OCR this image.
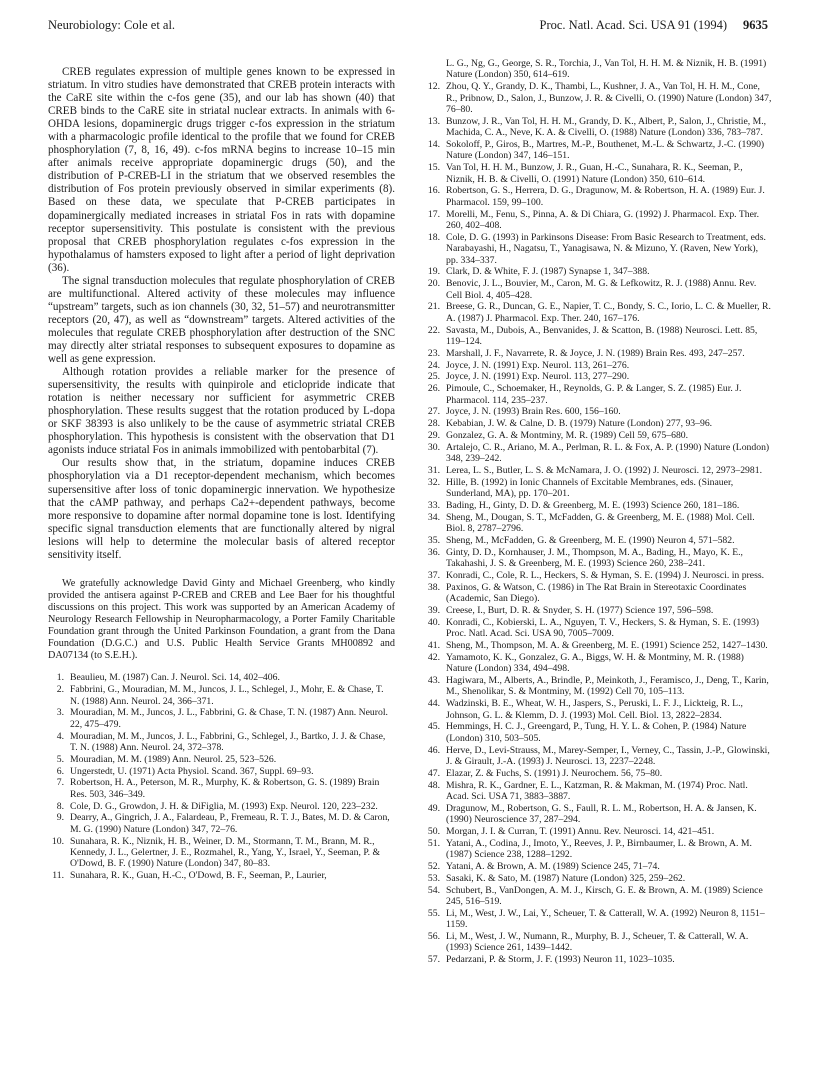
Neurobiology: Cole et al.	Proc. Natl. Acad. Sci. USA 91 (1994) 9635

CREB regulates expression of multiple genes known to be expressed in striatum. In vitro studies have demonstrated that CREB protein interacts with the CaRE site within the c-fos gene (35), and our lab has shown (40) that CREB binds to the CaRE site in striatal nuclear extracts. In animals with 6-OHDA lesions, dopaminergic drugs trigger c-fos expression in the striatum with a pharmacologic profile identical to the profile that we found for CREB phosphorylation (7, 8, 16, 49). c-fos mRNA begins to increase 10–15 min after animals receive appropriate dopaminergic drugs (50), and the distribution of P-CREB-LI in the striatum that we observed resembles the distribution of Fos protein previously observed in similar experiments (8). Based on these data, we speculate that P-CREB participates in dopaminergically mediated increases in striatal Fos in rats with dopamine receptor supersensitivity. This postulate is consistent with the previous proposal that CREB phosphorylation regulates c-fos expression in the hypothalamus of hamsters exposed to light after a period of light deprivation (36).

The signal transduction molecules that regulate phosphorylation of CREB are multifunctional. Altered activity of these molecules may influence “upstream” targets, such as ion channels (30, 32, 51–57) and neurotransmitter receptors (20, 47), as well as “downstream” targets. Altered activities of the molecules that regulate CREB phosphorylation after destruction of the SNC may directly alter striatal responses to subsequent exposures to dopamine as well as gene expression.

Although rotation provides a reliable marker for the presence of supersensitivity, the results with quinpirole and eticlopride indicate that rotation is neither necessary nor sufficient for asymmetric CREB phosphorylation. These results suggest that the rotation produced by L-dopa or SKF 38393 is also unlikely to be the cause of asymmetric striatal CREB phosphorylation. This hypothesis is consistent with the observation that D1 agonists induce striatal Fos in animals immobilized with pentobarbital (7).

Our results show that, in the striatum, dopamine induces CREB phosphorylation via a D1 receptor-dependent mechanism, which becomes supersensitive after loss of tonic dopaminergic innervation. We hypothesize that the cAMP pathway, and perhaps Ca2+-dependent pathways, become more responsive to dopamine after normal dopamine tone is lost. Identifying specific signal transduction elements that are functionally altered by nigral lesions will help to determine the molecular basis of altered receptor sensitivity itself.

We gratefully acknowledge David Ginty and Michael Greenberg, who kindly provided the antisera against P-CREB and CREB and Lee Baer for his thoughtful discussions on this project. This work was supported by an American Academy of Neurology Research Fellowship in Neuropharmacology, a Porter Family Charitable Foundation grant through the United Parkinson Foundation, a grant from the Dana Foundation (D.G.C.) and U.S. Public Health Service Grants MH00892 and DA07134 (to S.E.H.).

1. Beaulieu, M. (1987) Can. J. Neurol. Sci. 14, 402–406.
2. Fabbrini, G., Mouradian, M. M., Juncos, J. L., Schlegel, J., Mohr, E. & Chase, T. N. (1988) Ann. Neurol. 24, 366–371.
3. Mouradian, M. M., Juncos, J. L., Fabbrini, G. & Chase, T. N. (1987) Ann. Neurol. 22, 475–479.
4. Mouradian, M. M., Juncos, J. L., Fabbrini, G., Schlegel, J., Bartko, J. J. & Chase, T. N. (1988) Ann. Neurol. 24, 372–378.
5. Mouradian, M. M. (1989) Ann. Neurol. 25, 523–526.
6. Ungerstedt, U. (1971) Acta Physiol. Scand. 367, Suppl. 69–93.
7. Robertson, H. A., Peterson, M. R., Murphy, K. & Robertson, G. S. (1989) Brain Res. 503, 346–349.
8. Cole, D. G., Growdon, J. H. & DiFiglia, M. (1993) Exp. Neurol. 120, 223–232.
9. Dearry, A., Gingrich, J. A., Falardeau, P., Fremeau, R. T. J., Bates, M. D. & Caron, M. G. (1990) Nature (London) 347, 72–76.
10. Sunahara, R. K., Niznik, H. B., Weiner, D. M., Stormann, T. M., Brann, M. R., Kennedy, J. L., Gelertner, J. E., Rozmahel, R., Yang, Y., Israel, Y., Seeman, P. & O'Dowd, B. F. (1990) Nature (London) 347, 80–83.
11. Sunahara, R. K., Guan, H.-C., O'Dowd, B. F., Seeman, P., Laurier,
L. G., Ng, G., George, S. R., Torchia, J., Van Tol, H. H. M. & Niznik, H. B. (1991) Nature (London) 350, 614–619.
12. Zhou, Q. Y., Grandy, D. K., Thambi, L., Kushner, J. A., Van Tol, H. H. M., Cone, R., Pribnow, D., Salon, J., Bunzow, J. R. & Civelli, O. (1990) Nature (London) 347, 76–80.
13. Bunzow, J. R., Van Tol, H. H. M., Grandy, D. K., Albert, P., Salon, J., Christie, M., Machida, C. A., Neve, K. A. & Civelli, O. (1988) Nature (London) 336, 783–787.
14. Sokoloff, P., Giros, B., Martres, M.-P., Bouthenet, M.-L. & Schwartz, J.-C. (1990) Nature (London) 347, 146–151.
15. Van Tol, H. H. M., Bunzow, J. R., Guan, H.-C., Sunahara, R. K., Seeman, P., Niznik, H. B. & Civelli, O. (1991) Nature (London) 350, 610–614.
16. Robertson, G. S., Herrera, D. G., Dragunow, M. & Robertson, H. A. (1989) Eur. J. Pharmacol. 159, 99–100.
17. Morelli, M., Fenu, S., Pinna, A. & Di Chiara, G. (1992) J. Pharmacol. Exp. Ther. 260, 402–408.
18. Cole, D. G. (1993) in Parkinsons Disease: From Basic Research to Treatment, eds. Narabayashi, H., Nagatsu, T., Yanagisawa, N. & Mizuno, Y. (Raven, New York), pp. 334–337.
19. Clark, D. & White, F. J. (1987) Synapse 1, 347–388.
20. Benovic, J. L., Bouvier, M., Caron, M. G. & Lefkowitz, R. J. (1988) Annu. Rev. Cell Biol. 4, 405–428.
21. Breese, G. R., Duncan, G. E., Napier, T. C., Bondy, S. C., Iorio, L. C. & Mueller, R. A. (1987) J. Pharmacol. Exp. Ther. 240, 167–176.
22. Savasta, M., Dubois, A., Benvanides, J. & Scatton, B. (1988) Neurosci. Lett. 85, 119–124.
23. Marshall, J. F., Navarrete, R. & Joyce, J. N. (1989) Brain Res. 493, 247–257.
24. Joyce, J. N. (1991) Exp. Neurol. 113, 261–276.
25. Joyce, J. N. (1991) Exp. Neurol. 113, 277–290.
26. Pimoule, C., Schoemaker, H., Reynolds, G. P. & Langer, S. Z. (1985) Eur. J. Pharmacol. 114, 235–237.
27. Joyce, J. N. (1993) Brain Res. 600, 156–160.
28. Kebabian, J. W. & Calne, D. B. (1979) Nature (London) 277, 93–96.
29. Gonzalez, G. A. & Montminy, M. R. (1989) Cell 59, 675–680.
30. Artalejo, C. R., Ariano, M. A., Perlman, R. L. & Fox, A. P. (1990) Nature (London) 348, 239–242.
31. Lerea, L. S., Butler, L. S. & McNamara, J. O. (1992) J. Neurosci. 12, 2973–2981.
32. Hille, B. (1992) in Ionic Channels of Excitable Membranes, eds. (Sinauer, Sunderland, MA), pp. 170–201.
33. Bading, H., Ginty, D. D. & Greenberg, M. E. (1993) Science 260, 181–186.
34. Sheng, M., Dougan, S. T., McFadden, G. & Greenberg, M. E. (1988) Mol. Cell. Biol. 8, 2787–2796.
35. Sheng, M., McFadden, G. & Greenberg, M. E. (1990) Neuron 4, 571–582.
36. Ginty, D. D., Kornhauser, J. M., Thompson, M. A., Bading, H., Mayo, K. E., Takahashi, J. S. & Greenberg, M. E. (1993) Science 260, 238–241.
37. Konradi, C., Cole, R. L., Heckers, S. & Hyman, S. E. (1994) J. Neurosci. in press.
38. Paxinos, G. & Watson, C. (1986) in The Rat Brain in Stereotaxic Coordinates (Academic, San Diego).
39. Creese, I., Burt, D. R. & Snyder, S. H. (1977) Science 197, 596–598.
40. Konradi, C., Kobierski, L. A., Nguyen, T. V., Heckers, S. & Hyman, S. E. (1993) Proc. Natl. Acad. Sci. USA 90, 7005–7009.
41. Sheng, M., Thompson, M. A. & Greenberg, M. E. (1991) Science 252, 1427–1430.
42. Yamamoto, K. K., Gonzalez, G. A., Biggs, W. H. & Montminy, M. R. (1988) Nature (London) 334, 494–498.
43. Hagiwara, M., Alberts, A., Brindle, P., Meinkoth, J., Feramisco, J., Deng, T., Karin, M., Shenolikar, S. & Montminy, M. (1992) Cell 70, 105–113.
44. Wadzinski, B. E., Wheat, W. H., Jaspers, S., Peruski, L. F. J., Lickteig, R. L., Johnson, G. L. & Klemm, D. J. (1993) Mol. Cell. Biol. 13, 2822–2834.
45. Hemmings, H. C. J., Greengard, P., Tung, H. Y. L. & Cohen, P. (1984) Nature (London) 310, 503–505.
46. Herve, D., Levi-Strauss, M., Marey-Semper, I., Verney, C., Tassin, J.-P., Glowinski, J. & Girault, J.-A. (1993) J. Neurosci. 13, 2237–2248.
47. Elazar, Z. & Fuchs, S. (1991) J. Neurochem. 56, 75–80.
48. Mishra, R. K., Gardner, E. L., Katzman, R. & Makman, M. (1974) Proc. Natl. Acad. Sci. USA 71, 3883–3887.
49. Dragunow, M., Robertson, G. S., Faull, R. L. M., Robertson, H. A. & Jansen, K. (1990) Neuroscience 37, 287–294.
50. Morgan, J. I. & Curran, T. (1991) Annu. Rev. Neurosci. 14, 421–451.
51. Yatani, A., Codina, J., Imoto, Y., Reeves, J. P., Birnbaumer, L. & Brown, A. M. (1987) Science 238, 1288–1292.
52. Yatani, A. & Brown, A. M. (1989) Science 245, 71–74.
53. Sasaki, K. & Sato, M. (1987) Nature (London) 325, 259–262.
54. Schubert, B., VanDongen, A. M. J., Kirsch, G. E. & Brown, A. M. (1989) Science 245, 516–519.
55. Li, M., West, J. W., Lai, Y., Scheuer, T. & Catterall, W. A. (1992) Neuron 8, 1151–1159.
56. Li, M., West, J. W., Numann, R., Murphy, B. J., Scheuer, T. & Catterall, W. A. (1993) Science 261, 1439–1442.
57. Pedarzani, P. & Storm, J. F. (1993) Neuron 11, 1023–1035.
